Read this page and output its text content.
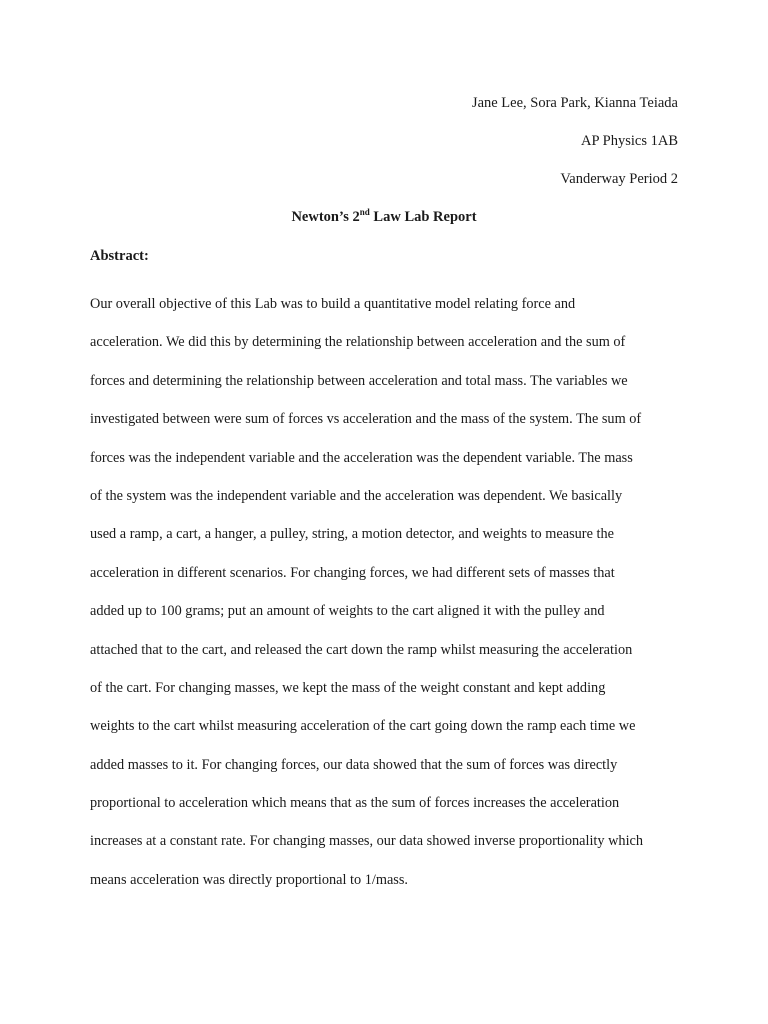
Jane Lee, Sora Park, Kianna Teiada
AP Physics 1AB
Vanderway Period 2
Newton’s 2nd Law Lab Report
Abstract:
Our overall objective of this Lab was to build a quantitative model relating force and
acceleration. We did this by determining the relationship between acceleration and the sum of
forces and determining the relationship between acceleration and total mass. The variables we
investigated between were sum of forces vs acceleration and the mass of the system. The sum of
forces was the independent variable and the acceleration was the dependent variable. The mass
of the system was the independent variable and the acceleration was dependent. We basically
used a ramp, a cart, a hanger, a pulley, string, a motion detector, and weights to measure the
acceleration in different scenarios. For changing forces, we had different sets of masses that
added up to 100 grams; put an amount of weights to the cart aligned it with the pulley and
attached that to the cart, and released the cart down the ramp whilst measuring the acceleration
of the cart. For changing masses, we kept the mass of the weight constant and kept adding
weights to the cart whilst measuring acceleration of the cart going down the ramp each time we
added masses to it. For changing forces, our data showed that the sum of forces was directly
proportional to acceleration which means that as the sum of forces increases the acceleration
increases at a constant rate. For changing masses, our data showed inverse proportionality which
means acceleration was directly proportional to 1/mass.
